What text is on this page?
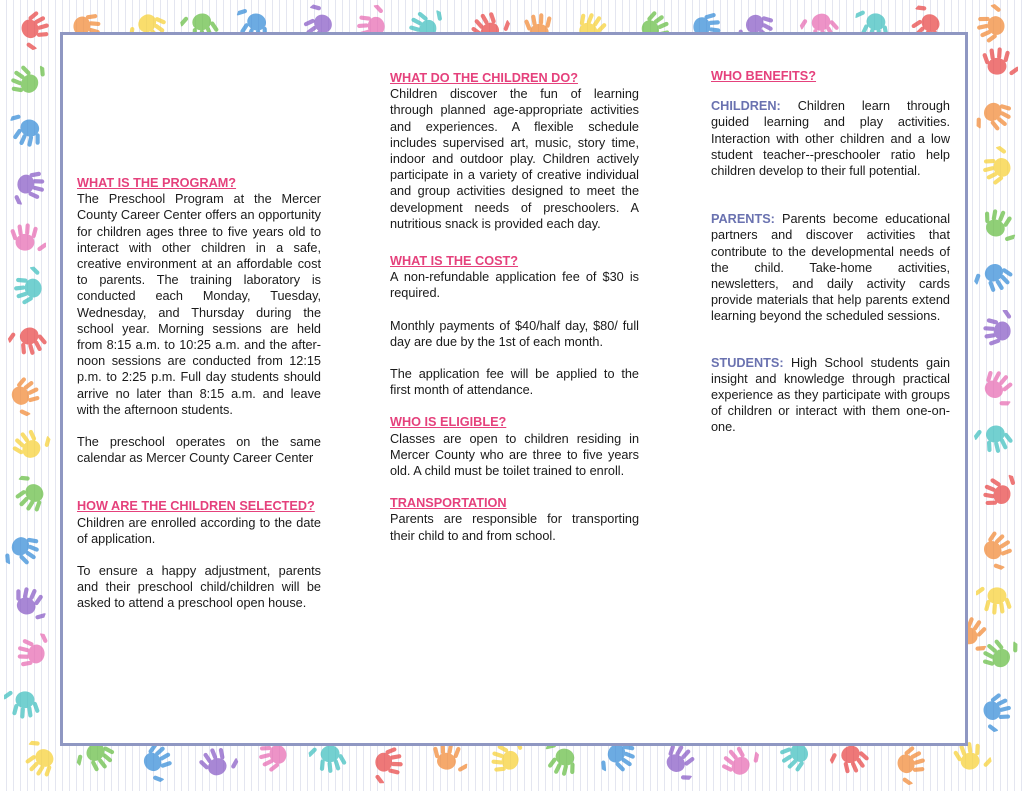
WHAT IS THE PROGRAM?

The Preschool Program at the Mercer County Career Center offers an opportunity for children ages three to five years old to interact with other children in a safe, creative environment at an affordable cost to parents. The training laboratory is conducted each Monday, Tuesday, Wednesday, and Thursday during the school year. Morning sessions are held from 8:15 a.m. to 10:25 a.m. and the after-noon sessions are conducted from 12:15 p.m. to 2:25 p.m. Full day students should arrive no later than 8:15 a.m. and leave with the afternoon students.

The preschool operates on the same calendar as Mercer County Career Center

HOW ARE THE CHILDREN SELECTED?

Children are enrolled according to the date of application.

To ensure a happy adjustment, parents and their preschool child/children will be asked to attend a preschool open house.

WHAT DO THE CHILDREN DO?

Children discover the fun of learning through planned age-appropriate activities and experiences. A flexible schedule includes supervised art, music, story time, indoor and outdoor play. Children actively participate in a variety of creative individual and group activities designed to meet the development needs of preschoolers. A nutritious snack is provided each day.

WHAT IS THE COST?

A non-refundable application fee of $30 is required.

Monthly payments of $40/half day, $80/ full day are due by the 1st of each month.

The application fee will be applied to the first month of attendance.

WHO IS ELIGIBLE?

Classes are open to children residing in Mercer County who are three to five years old. A child must be toilet trained to enroll.

TRANSPORTATION

Parents are responsible for transporting their child to and from school.

WHO BENEFITS?

CHILDREN: Children learn through guided learning and play activities. Interaction with other children and a low student teacher--preschooler ratio help children develop to their full potential.

PARENTS: Parents become educational partners and discover activities that contribute to the developmental needs of the child. Take-home activities, newsletters, and daily activity cards provide materials that help parents extend learning beyond the scheduled sessions.

STUDENTS: High School students gain insight and knowledge through practical experience as they participate with groups of children or interact with them one-on-one.
